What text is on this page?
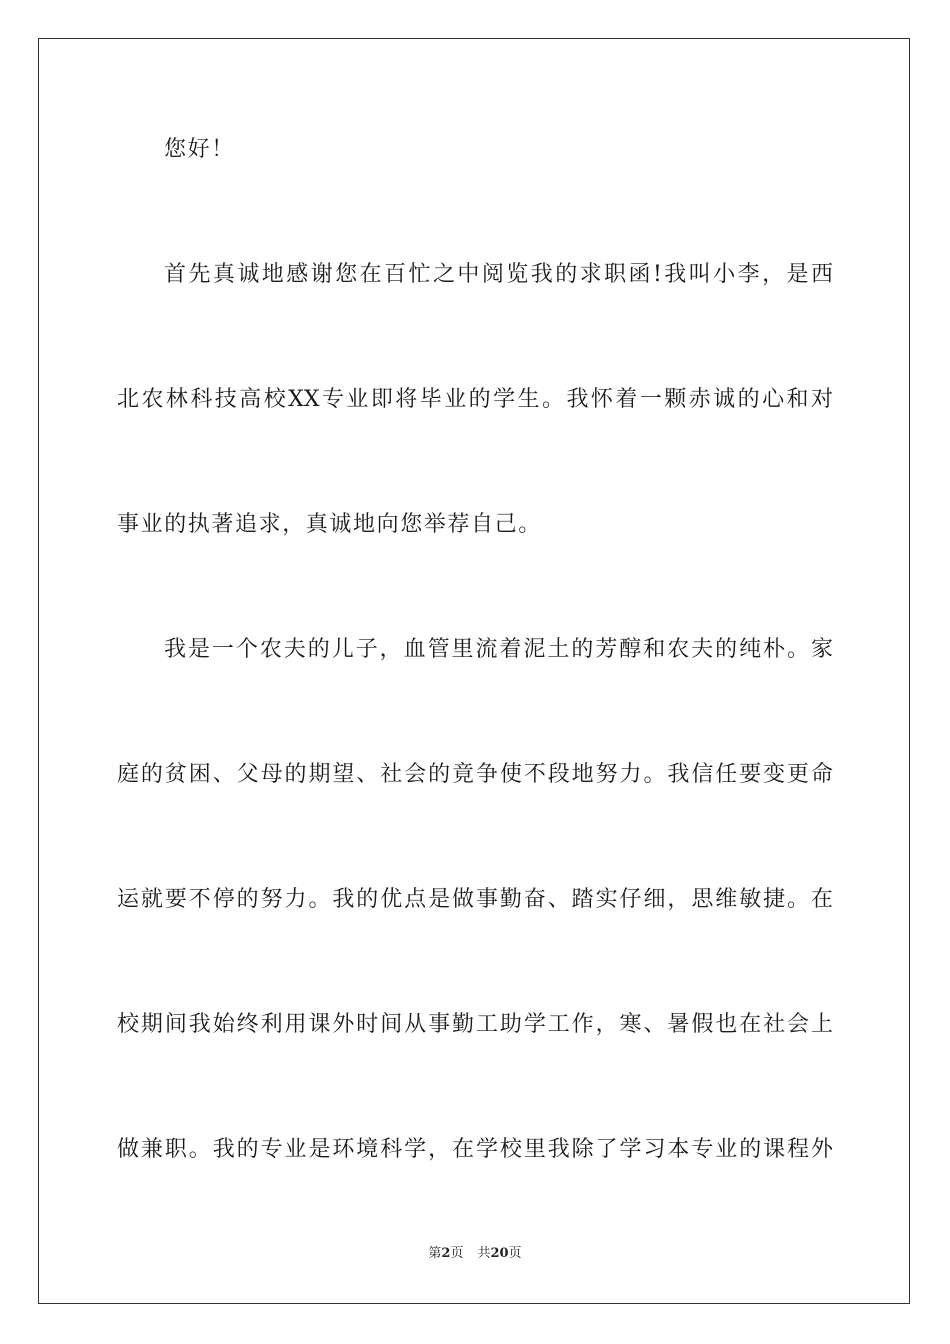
您好！
首先真诚地感谢您在百忙之中阅览我的求职函!我叫小李，是西
北农林科技高校XX专业即将毕业的学生。我怀着一颗赤诚的心和对
事业的执著追求，真诚地向您举荐自己。
我是一个农夫的儿子，血管里流着泥土的芳醇和农夫的纯朴。家
庭的贫困、父母的期望、社会的竟争使不段地努力。我信任要变更命
运就要不停的努力。我的优点是做事勤奋、踏实仔细，思维敏捷。在
校期间我始终利用课外时间从事勤工助学工作，寒、暑假也在社会上
做兼职。我的专业是环境科学，在学校里我除了学习本专业的课程外
第2页 共20页
